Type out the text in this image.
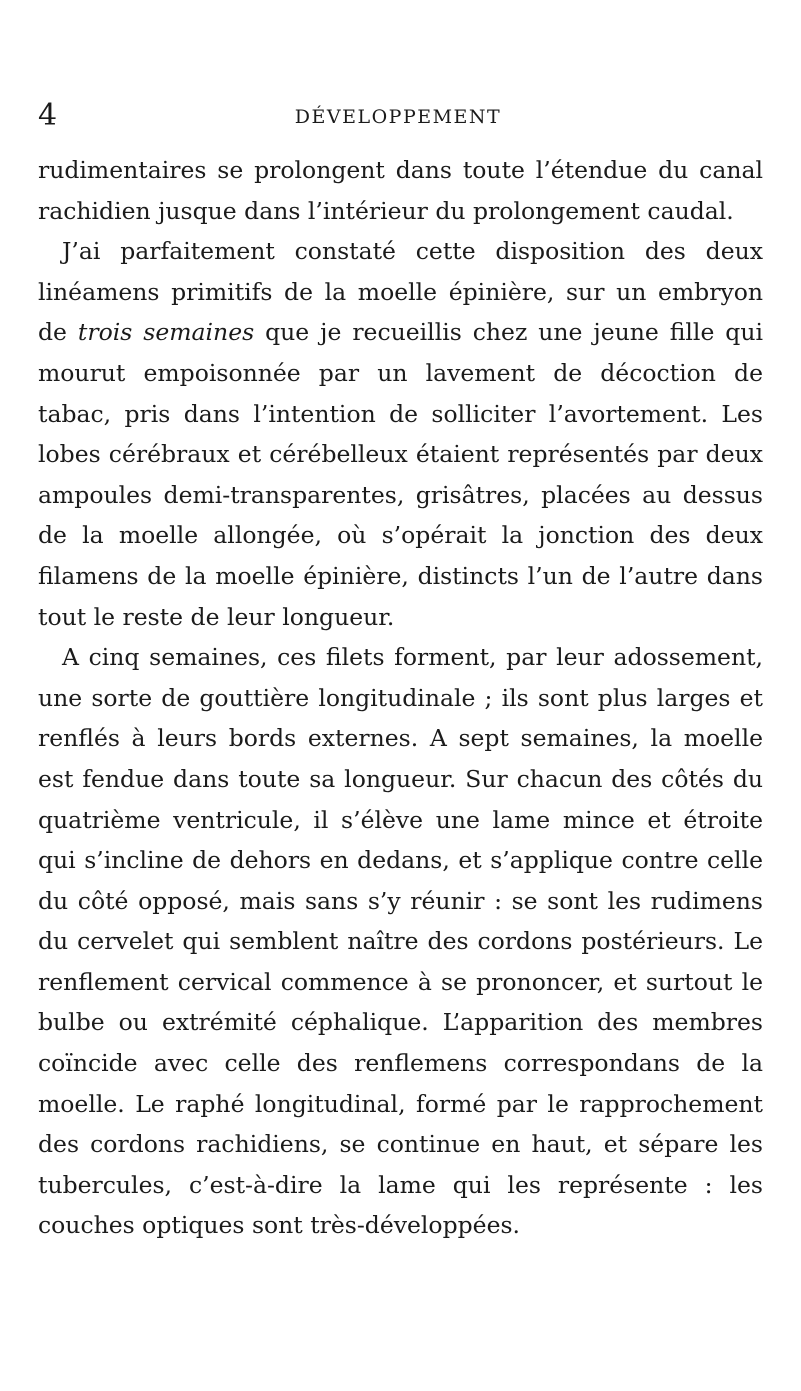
4	DÉVELOPPEMENT

rudimentaires se prolongent dans toute l’étendue du canal rachidien jusque dans l’intérieur du prolongement caudal.

J’ai parfaitement constaté cette disposition des deux linéamens primitifs de la moelle épinière, sur un embryon de trois semaines que je recueillis chez une jeune fille qui mourut empoisonnée par un lavement de décoction de tabac, pris dans l’intention de solliciter l’avortement. Les lobes cérébraux et cérébelleux étaient représentés par deux ampoules demi-transparentes, grisâtres, placées au dessus de la moelle allongée, où s’opérait la jonction des deux filamens de la moelle épinière, distincts l’un de l’autre dans tout le reste de leur longueur.

A cinq semaines, ces filets forment, par leur adossement, une sorte de gouttière longitudinale ; ils sont plus larges et renflés à leurs bords externes. A sept semaines, la moelle est fendue dans toute sa longueur. Sur chacun des côtés du quatrième ventricule, il s’élève une lame mince et étroite qui s’incline de dehors en dedans, et s’applique contre celle du côté opposé, mais sans s’y réunir : se sont les rudimens du cervelet qui semblent naître des cordons postérieurs. Le renflement cervical commence à se prononcer, et surtout le bulbe ou extrémité céphalique. L’apparition des membres coïncide avec celle des renflemens correspondans de la moelle. Le raphé longitudinal, formé par le rapprochement des cordons rachidiens, se continue en haut, et sépare les tubercules, c’est-à-dire la lame qui les représente : les couches optiques sont très-développées.
